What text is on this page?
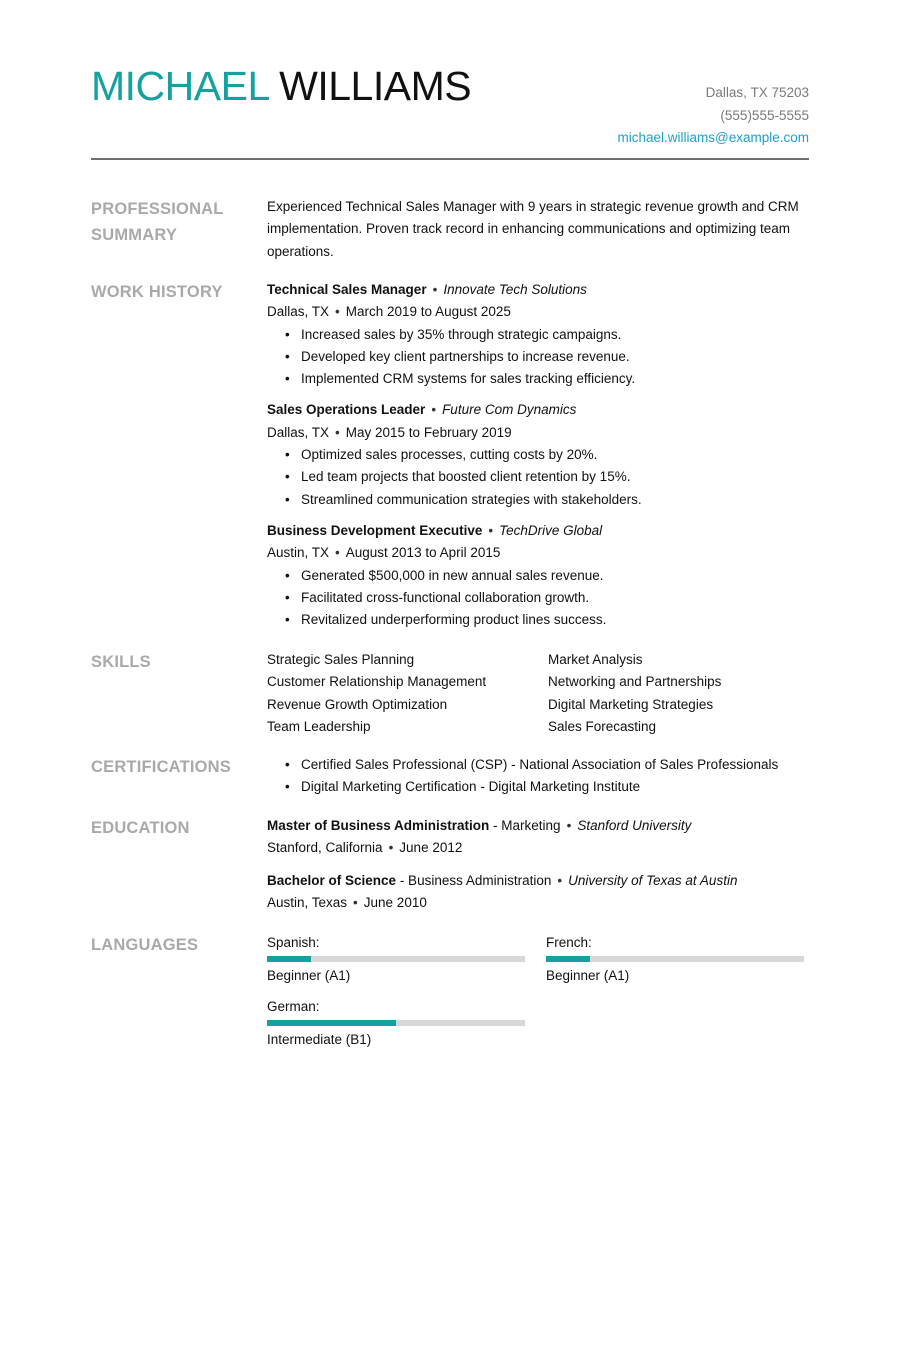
MICHAEL WILLIAMS	Dallas, TX 75203
(555)555-5555
michael.williams@example.com
PROFESSIONAL SUMMARY
Experienced Technical Sales Manager with 9 years in strategic revenue growth and CRM implementation. Proven track record in enhancing communications and optimizing team operations.
WORK HISTORY	Technical Sales Manager • Innovate Tech Solutions
Dallas, TX • March 2019 to August 2025
• Increased sales by 35% through strategic campaigns.
• Developed key client partnerships to increase revenue.
• Implemented CRM systems for sales tracking efficiency.
Sales Operations Leader • Future Com Dynamics
Dallas, TX • May 2015 to February 2019
• Optimized sales processes, cutting costs by 20%.
• Led team projects that boosted client retention by 15%.
• Streamlined communication strategies with stakeholders.
Business Development Executive • TechDrive Global
Austin, TX • August 2013 to April 2015
• Generated $500,000 in new annual sales revenue.
• Facilitated cross-functional collaboration growth.
• Revitalized underperforming product lines success.
SKILLS	Strategic Sales Planning	Market Analysis
Customer Relationship Management	Networking and Partnerships
Revenue Growth Optimization	Digital Marketing Strategies
Team Leadership	Sales Forecasting
CERTIFICATIONS
•	Certified Sales Professional (CSP) - National Association of Sales Professionals
• Digital Marketing Certification - Digital Marketing Institute
EDUCATION	Master of Business Administration - Marketing • Stanford University
Stanford, California • June 2012
Bachelor of Science - Business Administration • University of Texas at Austin
Austin, Texas • June 2010
LANGUAGES	Spanish:
Beginner (A1)
French:
Beginner (A1)
German:
Intermediate (B1)
